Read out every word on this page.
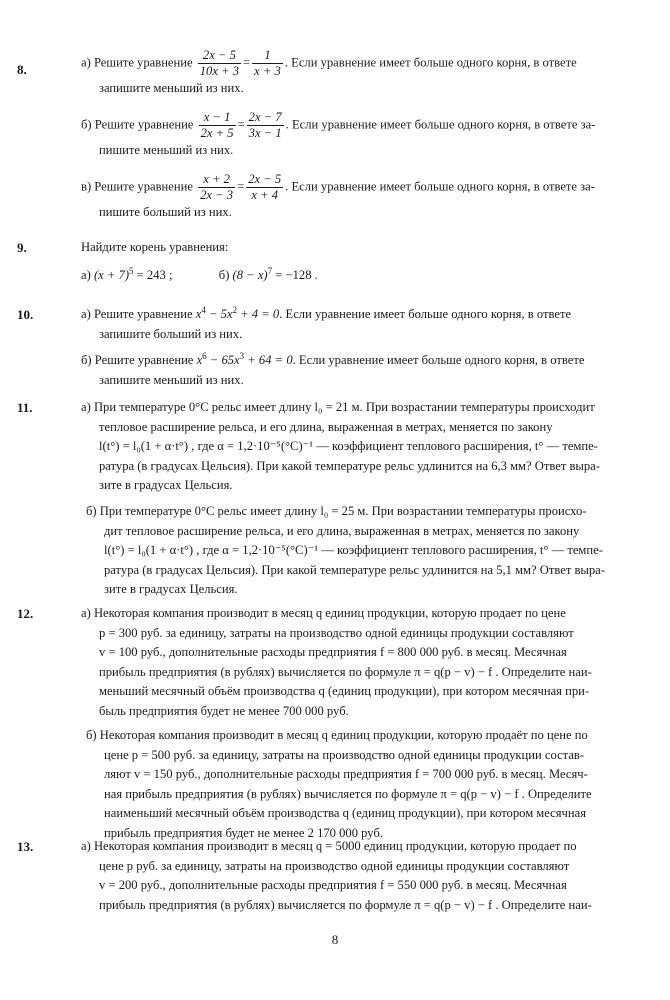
8.	а) Решите уравнение $\frac{2x - 5}{10x + 3} = \frac{1}{x + 3}$ . Если уравнение имеет больше одного корня, в ответе
запишите меньший из них.
б) Решите уравнение $\frac{x - 1}{2x + 5} = \frac{2x - 7}{3x - 1}$ . Если уравнение имеет больше одного корня, в ответе за-
пишите меньший из них.
в) Решите уравнение $\frac{x + 2}{2x - 3} = \frac{2x - 5}{x + 4}$ . Если уравнение имеет больше одного корня, в ответе за-
пишите больший из них.
9.	Найдите корень уравнения:
а) $(x + 7)^5 = 243$ ;	б) $(8 - x)^7 = -128$ .
10.	а) Решите уравнение $x^4 - 5x^2 + 4 = 0$. Если уравнение имеет больше одного корня, в ответе
запишите больший из них.
б) Решите уравнение $x^6 - 65x^3 + 64 = 0$. Если уравнение имеет больше одного корня, в ответе
запишите меньший из них.
11.	а) При температуре 0°C рельс имеет длину l₀ = 21 м. При возрастании температуры происходит
тепловое расширение рельса, и его длина, выраженная в метрах, меняется по закону
l(t°) = l₀(1 + α·t°) , где α = 1,2·10⁻⁵(°C)⁻¹ — коэффициент теплового расширения, t° — темпе-
ратура (в градусах Цельсия). При какой температуре рельс удлинится на 6,3 мм? Ответ выра-
зите в градусах Цельсия.
б) При температуре 0°C рельс имеет длину l₀ = 25 м. При возрастании температуры происхо-
дит тепловое расширение рельса, и его длина, выраженная в метрах, меняется по закону
l(t°) = l₀(1 + α·t°) , где α = 1,2·10⁻⁵(°C)⁻¹ — коэффициент теплового расширения, t° — темпе-
ратура (в градусах Цельсия). При какой температуре рельс удлинится на 5,1 мм? Ответ выра-
зите в градусах Цельсия.
12.	а) Некоторая компания производит в месяц q единиц продукции, которую продает по цене
p = 300 руб. за единицу, затраты на производство одной единицы продукции составляют
v = 100 руб., дополнительные расходы предприятия f = 800 000 руб. в месяц. Месячная
прибыль предприятия (в рублях) вычисляется по формуле π = q(p − v) − f . Определите наи-
меньший месячный объём производства q (единиц продукции), при котором месячная при-
быль предприятия будет не менее 700 000 руб.
б) Некоторая компания производит в месяц q единиц продукции, которую продаёт по цене по
цене p = 500 руб. за единицу, затраты на производство одной единицы продукции состав-
ляют v = 150 руб., дополнительные расходы предприятия f = 700 000 руб. в месяц. Месяч-
ная прибыль предприятия (в рублях) вычисляется по формуле π = q(p − v) − f . Определите
наименьший месячный объём производства q (единиц продукции), при котором месячная
прибыль предприятия будет не менее 2 170 000 руб.
13.	а) Некоторая компания производит в месяц q = 5000 единиц продукции, которую продает по
цене p руб. за единицу, затраты на производство одной единицы продукции составляют
v = 200 руб., дополнительные расходы предприятия f = 550 000 руб. в месяц. Месячная
прибыль предприятия (в рублях) вычисляется по формуле π = q(p − v) − f . Определите наи-
8
